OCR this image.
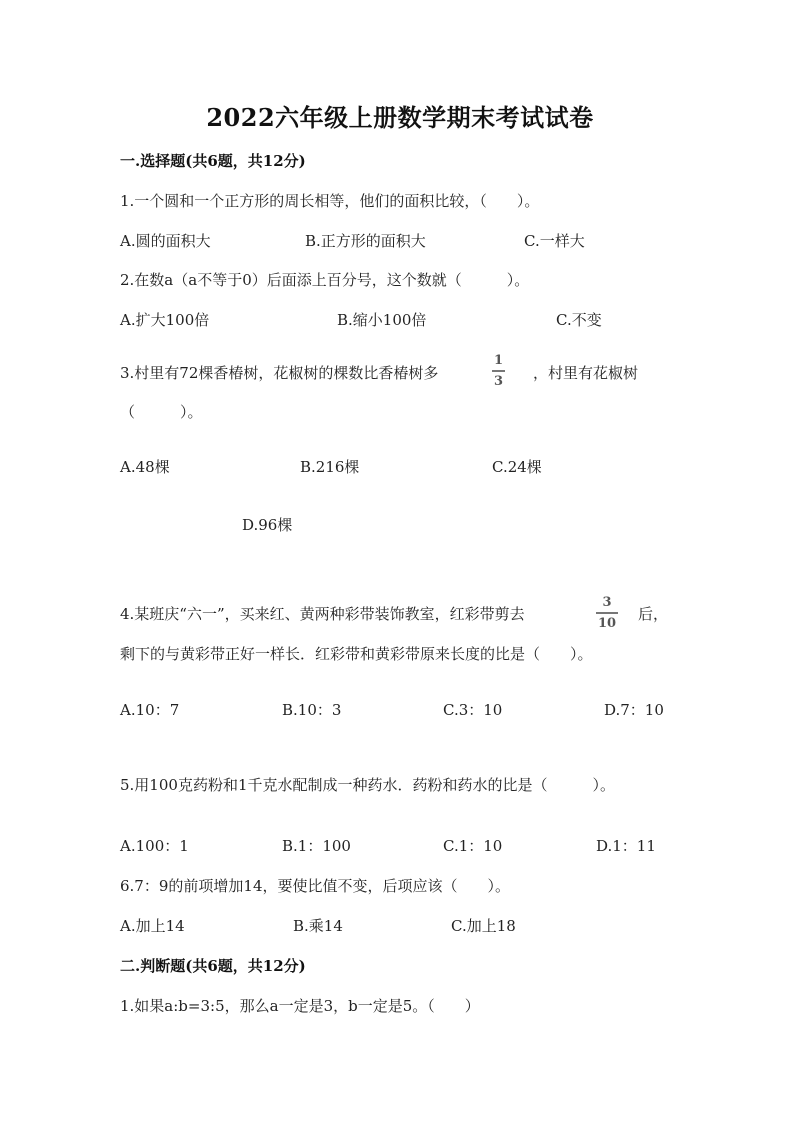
2022六年级上册数学期末考试试卷
一.选择题(共6题，共12分)
1.一个圆和一个正方形的周长相等，他们的面积比较，（　　）。
A.圆的面积大	B.正方形的面积大	C.一样大
2.在数a（a不等于0）后面添上百分号，这个数就（　　　）。
A.扩大100倍	B.缩小100倍	C.不变
3.村里有72棵香椿树，花椒树的棵数比香椿树多
1
3 ，村里有花椒树
（　　　）。
A.48棵	B.216棵	C.24棵
D.96棵
4.某班庆“六一”，买来红、黄两种彩带装饰教室，红彩带剪去
3
10 后，
剩下的与黄彩带正好一样长．红彩带和黄彩带原来长度的比是（　　）。
A.10：7	B.10：3	C.3：10	D.7：10
5.用100克药粉和1千克水配制成一种药水．药粉和药水的比是（　　　）。
A.100：1	B.1：100	C.1：10	D.1：11
6.7：9的前项增加14，要使比值不变，后项应该（　　）。
A.加上14	B.乘14	C.加上18
二.判断题(共6题，共12分)
1.如果a:b=3:5，那么a一定是3，b一定是5。（　　）
